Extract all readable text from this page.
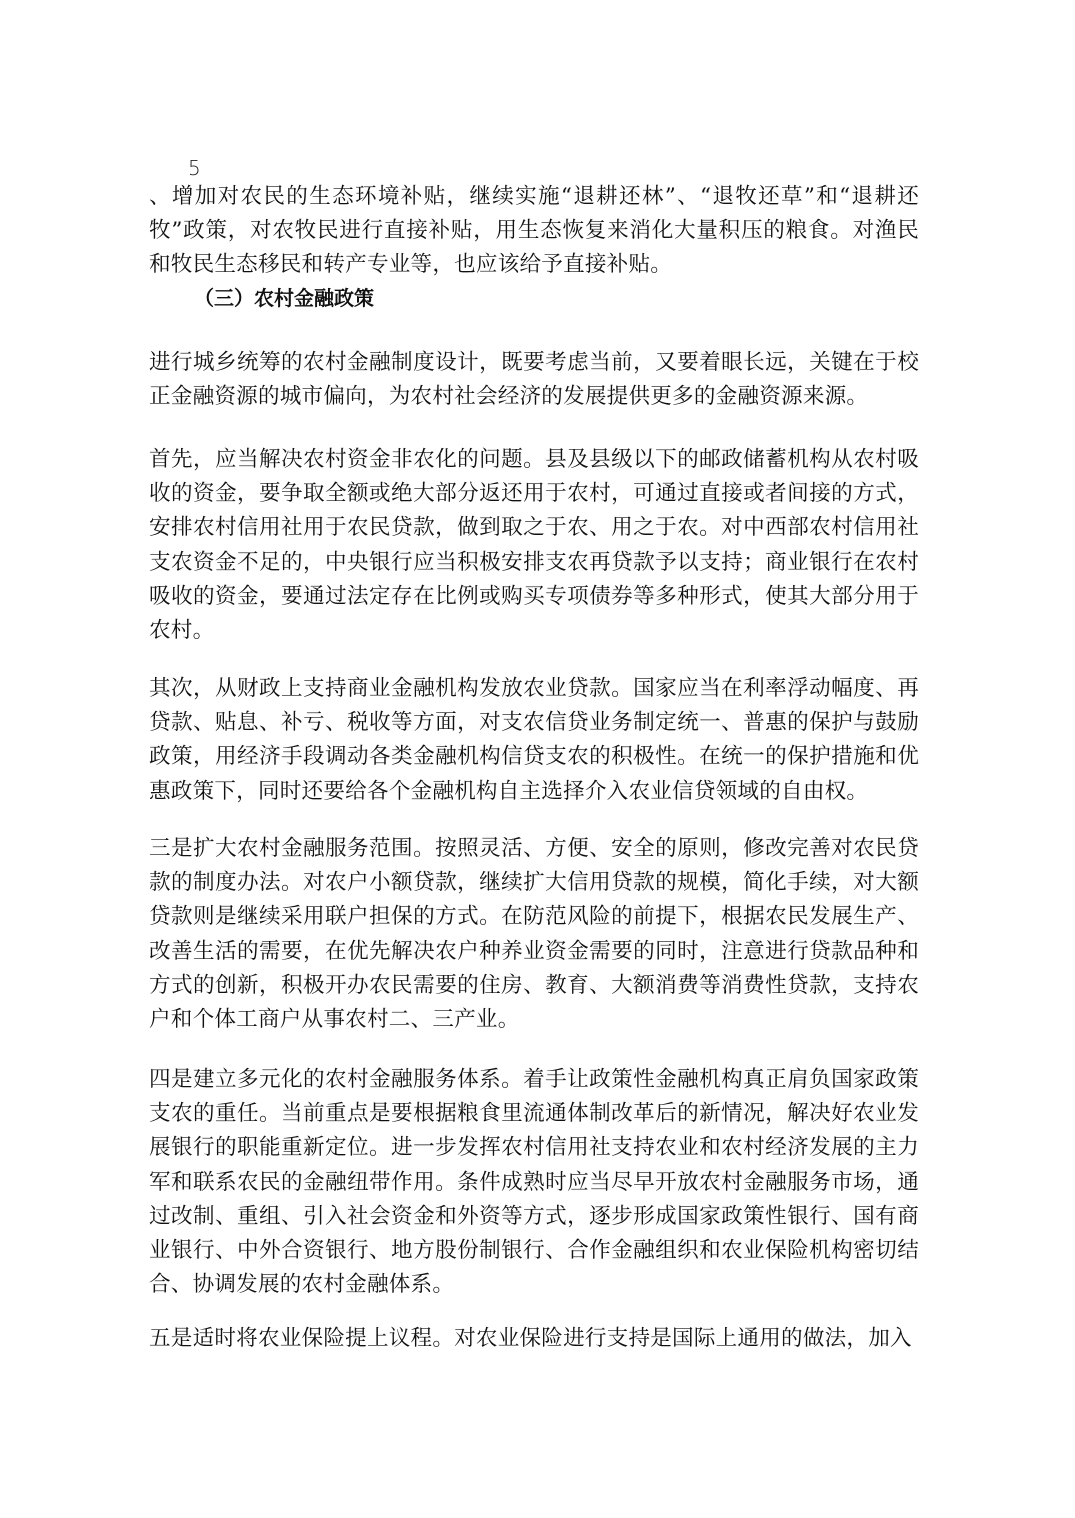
5

、增加对农民的生态环境补贴，继续实施“退耕还林”、“退牧还草”和“退耕还牧”政策，对农牧民进行直接补贴，用生态恢复来消化大量积压的粮食。对渔民和牧民生态移民和转产专业等，也应该给予直接补贴。

（三）农村金融政策

进行城乡统筹的农村金融制度设计，既要考虑当前，又要着眼长远，关键在于校正金融资源的城市偏向，为农村社会经济的发展提供更多的金融资源来源。

首先，应当解决农村资金非农化的问题。县及县级以下的邮政储蓄机构从农村吸收的资金，要争取全额或绝大部分返还用于农村，可通过直接或者间接的方式，安排农村信用社用于农民贷款，做到取之于农、用之于农。对中西部农村信用社支农资金不足的，中央银行应当积极安排支农再贷款予以支持；商业银行在农村吸收的资金，要通过法定存在比例或购买专项债券等多种形式，使其大部分用于农村。

其次，从财政上支持商业金融机构发放农业贷款。国家应当在利率浮动幅度、再贷款、贴息、补亏、税收等方面，对支农信贷业务制定统一、普惠的保护与鼓励政策，用经济手段调动各类金融机构信贷支农的积极性。在统一的保护措施和优惠政策下，同时还要给各个金融机构自主选择介入农业信贷领域的自由权。

三是扩大农村金融服务范围。按照灵活、方便、安全的原则，修改完善对农民贷款的制度办法。对农户小额贷款，继续扩大信用贷款的规模，简化手续，对大额贷款则是继续采用联户担保的方式。在防范风险的前提下，根据农民发展生产、改善生活的需要，在优先解决农户种养业资金需要的同时，注意进行贷款品种和方式的创新，积极开办农民需要的住房、教育、大额消费等消费性贷款，支持农户和个体工商户从事农村二、三产业。

四是建立多元化的农村金融服务体系。着手让政策性金融机构真正肩负国家政策支农的重任。当前重点是要根据粮食里流通体制改革后的新情况，解决好农业发展银行的职能重新定位。进一步发挥农村信用社支持农业和农村经济发展的主力军和联系农民的金融纽带作用。条件成熟时应当尽早开放农村金融服务市场，通过改制、重组、引入社会资金和外资等方式，逐步形成国家政策性银行、国有商业银行、中外合资银行、地方股份制银行、合作金融组织和农业保险机构密切结合、协调发展的农村金融体系。

五是适时将农业保险提上议程。对农业保险进行支持是国际上通用的做法，加入
